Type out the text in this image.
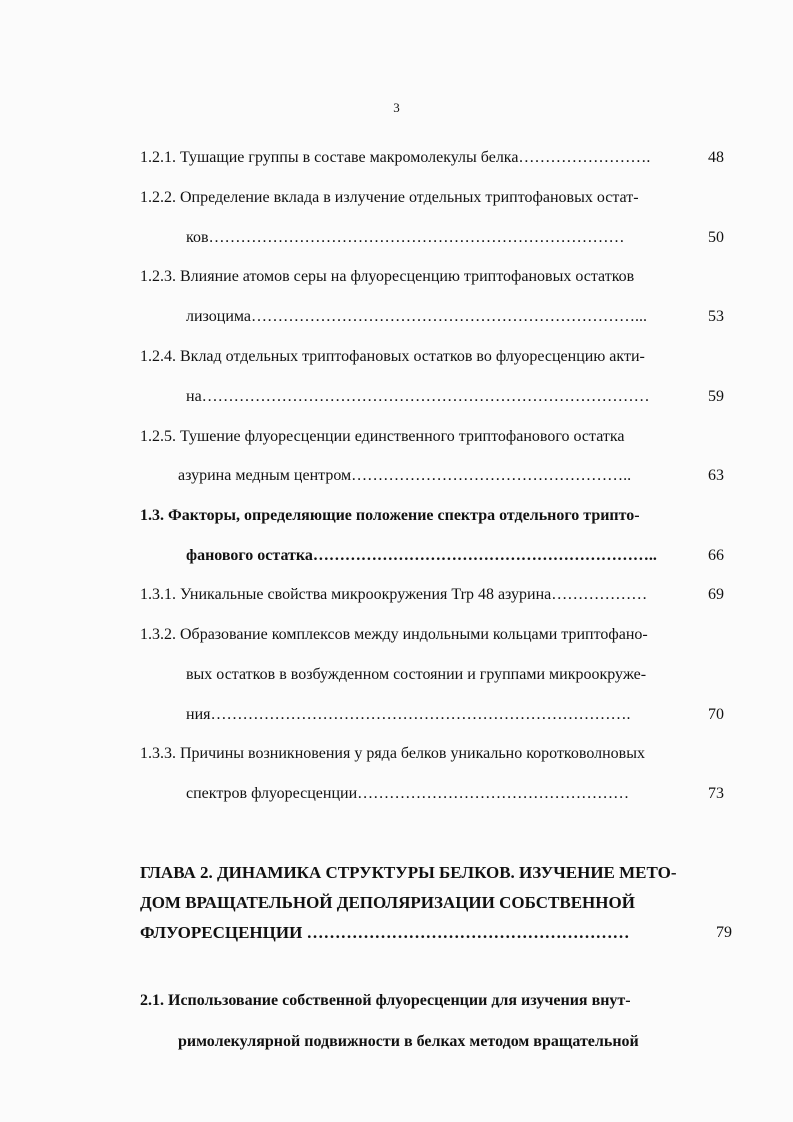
3
1.2.1. Тушащие группы в составе макромолекулы белка…………………….	48
1.2.2. Определение вклада в излучение отдельных триптофановых остат-
ков……………………………………………………………………	50
1.2.3. Влияние атомов серы на флуоресценцию триптофановых остатков
лизоцима………………………………………………………………...	53
1.2.4. Вклад отдельных триптофановых остатков во флуоресценцию акти-
на…………………………………………………………………………	59
1.2.5. Тушение флуоресценции единственного триптофанового остатка
азурина медным центром……………………………………………..	63
1.3. Факторы, определяющие положение спектра отдельного трипто-
фанового остатка………………………………………………………..	66
1.3.1. Уникальные свойства микроокружения Trp 48 азурина………………	69
1.3.2. Образование комплексов между индольными кольцами триптофано-
вых остатков в возбужденном состоянии и группами микроокруже-
ния…………………………………………………………………….	70
1.3.3. Причины возникновения у ряда белков уникально коротковолновых
спектров флуоресценции……………………………………………	73
ГЛАВА 2. ДИНАМИКА СТРУКТУРЫ БЕЛКОВ. ИЗУЧЕНИЕ МЕТО-
ДОМ ВРАЩАТЕЛЬНОЙ ДЕПОЛЯРИЗАЦИИ СОБСТВЕННОЙ
ФЛУОРЕСЦЕНЦИИ …………………………………………………	79
2.1. Использование собственной флуоресценции для изучения внут-
римолекулярной подвижности в белках методом вращательной
